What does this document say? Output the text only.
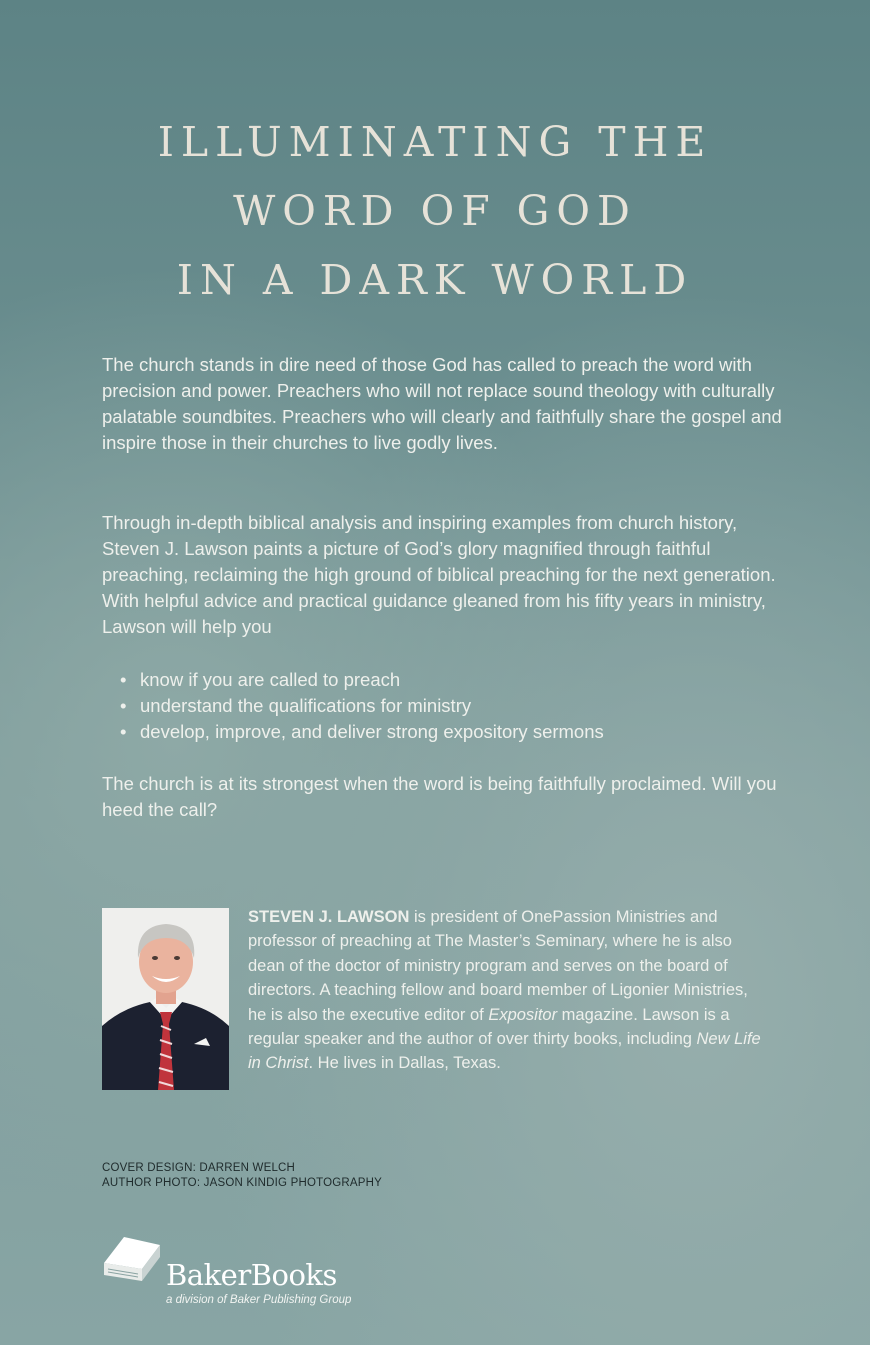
ILLUMINATING THE
WORD OF GOD
IN A DARK WORLD

The church stands in dire need of those God has called to preach the word with precision and power. Preachers who will not replace sound theology with culturally palatable soundbites. Preachers who will clearly and faithfully share the gospel and inspire those in their churches to live godly lives.

Through in-depth biblical analysis and inspiring examples from church history, Steven J. Lawson paints a picture of God’s glory magnified through faithful preaching, reclaiming the high ground of biblical preaching for the next generation. With helpful advice and practical guidance gleaned from his fifty years in ministry, Lawson will help you

• know if you are called to preach
• understand the qualifications for ministry
• develop, improve, and deliver strong expository sermons

The church is at its strongest when the word is being faithfully proclaimed. Will you heed the call?

STEVEN J. LAWSON is president of OnePassion Ministries and professor of preaching at The Master’s Seminary, where he is also dean of the doctor of ministry program and serves on the board of directors. A teaching fellow and board member of Ligonier Ministries, he is also the executive editor of Expositor magazine. Lawson is a regular speaker and the author of over thirty books, including New Life in Christ. He lives in Dallas, Texas.

COVER DESIGN: DARREN WELCH
AUTHOR PHOTO: JASON KINDIG PHOTOGRAPHY

BakerBooks

a division of Baker Publishing Group
